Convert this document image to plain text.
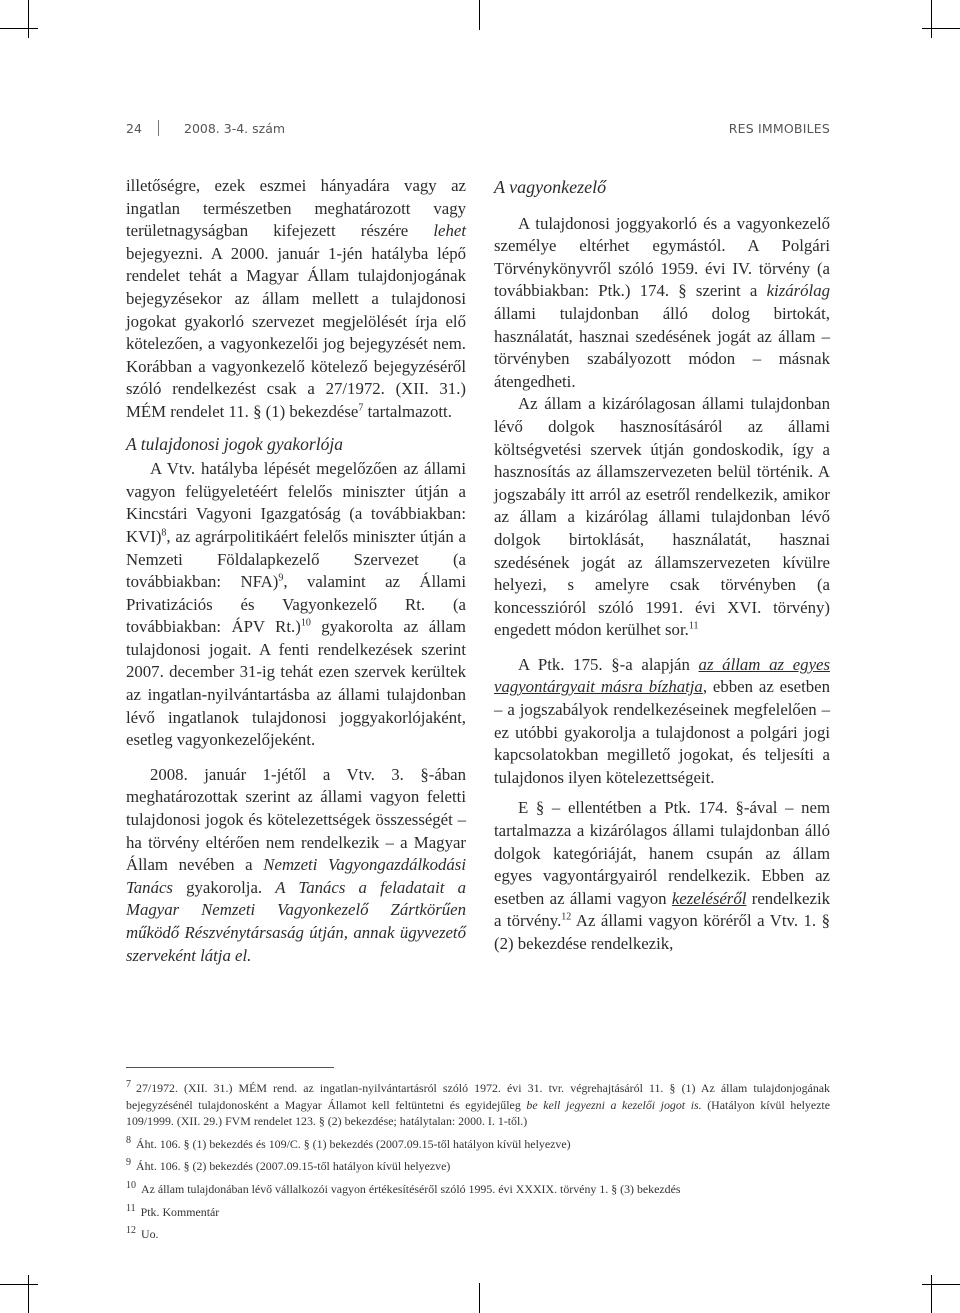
24	2008. 3-4. szám	RES IMMOBILES

illetőségre, ezek eszmei hányadára vagy az ingatlan természetben meghatározott vagy területnagyságban kifejezett részére lehet bejegyezni. A 2000. január 1-jén hatályba lépő rendelet tehát a Magyar Állam tulajdonjogának bejegyzésekor az állam mellett a tulajdonosi jogokat gyakorló szervezet megjelölését írja elő kötelezően, a vagyonkezelői jog bejegyzését nem. Korábban a vagyonkezelő kötelező bejegyzéséről szóló rendelkezést csak a 27/1972. (XII. 31.) MÉM rendelet 11. § (1) bekezdése$^7$ tartalmazott.

A tulajdonosi jogok gyakorlója

A Vtv. hatályba lépését megelőzően az állami vagyon felügyeletéért felelős miniszter útján a Kincstári Vagyoni Igazgatóság (a továbbiakban: KVI)$^8$, az agrárpolitikáért felelős miniszter útján a Nemzeti Földalapkezelő Szervezet (a továbbiakban: NFA)$^9$, valamint az Állami Privatizációs és Vagyonkezelő Rt. (a továbbiakban: ÁPV Rt.)$^{10}$ gyakorolta az állam tulajdonosi jogait. A fenti rendelkezések szerint 2007. december 31-ig tehát ezen szervek kerültek az ingatlan-nyilvántartásba az állami tulajdonban lévő ingatlanok tulajdonosi joggyakorlójaként, esetleg vagyonkezelőjeként.

2008. január 1-jétől a Vtv. 3. §-ában meghatározottak szerint az állami vagyon feletti tulajdonosi jogok és kötelezettségek összességét – ha törvény eltérően nem rendelkezik – a Magyar Állam nevében a Nemzeti Vagyongazdálkodási Tanács gyakorolja. A Tanács a feladatait a Magyar Nemzeti Vagyonkezelő Zártkörűen működő Részvénytársaság útján, annak ügyvezető szerveként látja el.

A vagyonkezelő

A tulajdonosi joggyakorló és a vagyonkezelő személye eltérhet egymástól. A Polgári Törvénykönyvről szóló 1959. évi IV. törvény (a továbbiakban: Ptk.) 174. § szerint a kizárólag állami tulajdonban álló dolog birtokát, használatát, hasznai szedésének jogát az állam – törvényben szabályozott módon – másnak átengedheti.

Az állam a kizárólagosan állami tulajdonban lévő dolgok hasznosításáról az állami költségvetési szervek útján gondoskodik, így a hasznosítás az államszervezeten belül történik. A jogszabály itt arról az esetről rendelkezik, amikor az állam a kizárólag állami tulajdonban lévő dolgok birtoklását, használatát, hasznai szedésének jogát az államszervezeten kívülre helyezi, s amelyre csak törvényben (a koncesszióról szóló 1991. évi XVI. törvény) engedett módon kerülhet sor.$^{11}$

A Ptk. 175. §-a alapján az állam az egyes vagyontárgyait másra bízhatja, ebben az esetben – a jogszabályok rendelkezéseinek megfelelően – ez utóbbi gyakorolja a tulajdonost a polgári jogi kapcsolatokban megillető jogokat, és teljesíti a tulajdonos ilyen kötelezettségeit.

E § – ellentétben a Ptk. 174. §-ával – nem tartalmazza a kizárólagos állami tulajdonban álló dolgok kategóriáját, hanem csupán az állam egyes vagyontárgyairól rendelkezik. Ebben az esetben az állami vagyon kezeléséről rendelkezik a törvény.$^{12}$ Az állami vagyon köréről a Vtv. 1. § (2) bekezdése rendelkezik,

$^7$ 27/1972. (XII. 31.) MÉM rend. az ingatlan-nyilvántartásról szóló 1972. évi 31. tvr. végrehajtásáról 11. § (1) Az állam tulajdonjogának bejegyzésénél tulajdonosként a Magyar Államot kell feltüntetni és egyidejűleg be kell jegyezni a kezelői jogot is. (Hatályon kívül helyezte 109/1999. (XII. 29.) FVM rendelet 123. § (2) bekezdése; hatálytalan: 2000. I. 1-től.)

$^8$ Áht. 106. § (1) bekezdés és 109/C. § (1) bekezdés (2007.09.15-től hatályon kívül helyezve)

$^9$ Áht. 106. § (2) bekezdés (2007.09.15-től hatályon kívül helyezve)

$^{10}$ Az állam tulajdonában lévő vállalkozói vagyon értékesítéséről szóló 1995. évi XXXIX. törvény 1. § (3) bekezdés

$^{11}$ Ptk. Kommentár

$^{12}$ Uo.
